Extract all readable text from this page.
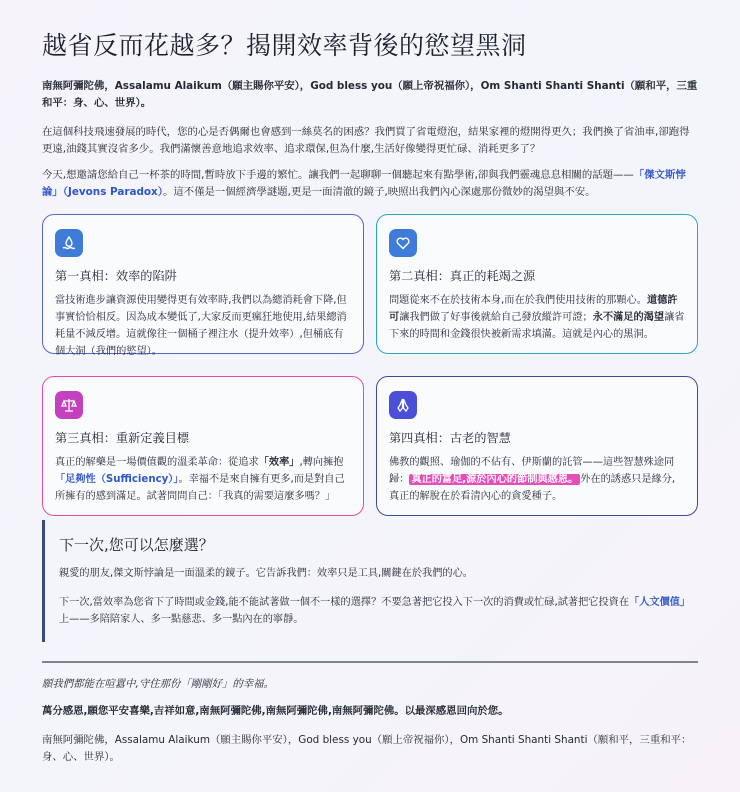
越省反而花越多？揭開效率背後的慾望黑洞

南無阿彌陀佛，Assalamu Alaikum（願主賜你平安），God bless you（願上帝祝福你），Om Shanti Shanti Shanti（願和平，三重和平：身、心、世界）。

在這個科技飛速發展的時代，您的心是否偶爾也會感到一絲莫名的困惑？我們買了省電燈泡，結果家裡的燈開得更久；我們換了省油車,卻跑得更遠,油錢其實沒省多少。我們滿懷善意地追求效率、追求環保,但為什麼,生活好像變得更忙碌、消耗更多了？

今天,想邀請您給自己一杯茶的時間,暫時放下手邊的繁忙。讓我們一起聊聊一個聽起來有點學術,卻與我們靈魂息息相關的話題——「傑文斯悖論」（Jevons Paradox）。這不僅是一個經濟學謎題,更是一面清澈的鏡子,映照出我們內心深處那份微妙的渴望與不安。

第一真相：效率的陷阱
當技術進步讓資源使用變得更有效率時,我們以為總消耗會下降,但事實恰恰相反。因為成本變低了,大家反而更瘋狂地使用,結果總消耗量不減反增。這就像往一個桶子裡注水（提升效率）,但桶底有個大洞（我們的慾望）。
第二真相：真正的耗竭之源
問題從來不在於技術本身,而在於我們使用技術的那顆心。道德許可讓我們做了好事後就給自己發放縱許可證；永不滿足的渴望讓省下來的時間和金錢很快被新需求填滿。這就是內心的黑洞。
第三真相：重新定義目標
真正的解藥是一場價值觀的溫柔革命：從追求「效率」,轉向擁抱「足夠性（Sufficiency）」。幸福不是來自擁有更多,而是對自己所擁有的感到滿足。試著問問自己：「我真的需要這麼多嗎？」
第四真相：古老的智慧
佛教的觀照、瑜伽的不佔有、伊斯蘭的託管——這些智慧殊途同歸： 真正的富足,源於內心的節制與感恩。 外在的誘惑只是緣分,真正的解脫在於看清內心的貪愛種子。
下一次,您可以怎麼選？
親愛的朋友,傑文斯悖論是一面溫柔的鏡子。它告訴我們：效率只是工具,關鍵在於我們的心。
下一次,當效率為您省下了時間或金錢,能不能試著做一個不一樣的選擇？不要急著把它投入下一次的消費或忙碌,試著把它投資在「人文價值」上——多陪陪家人、多一點慈悲、多一點內在的寧靜。

願我們都能在喧囂中,守住那份「剛剛好」的幸福。

萬分感恩,願您平安喜樂,吉祥如意,南無阿彌陀佛,南無阿彌陀佛,南無阿彌陀佛。以最深感恩回向於您。

南無阿彌陀佛，Assalamu Alaikum（願主賜你平安），God bless you（願上帝祝福你），Om Shanti Shanti Shanti（願和平，三重和平：身、心、世界）。
